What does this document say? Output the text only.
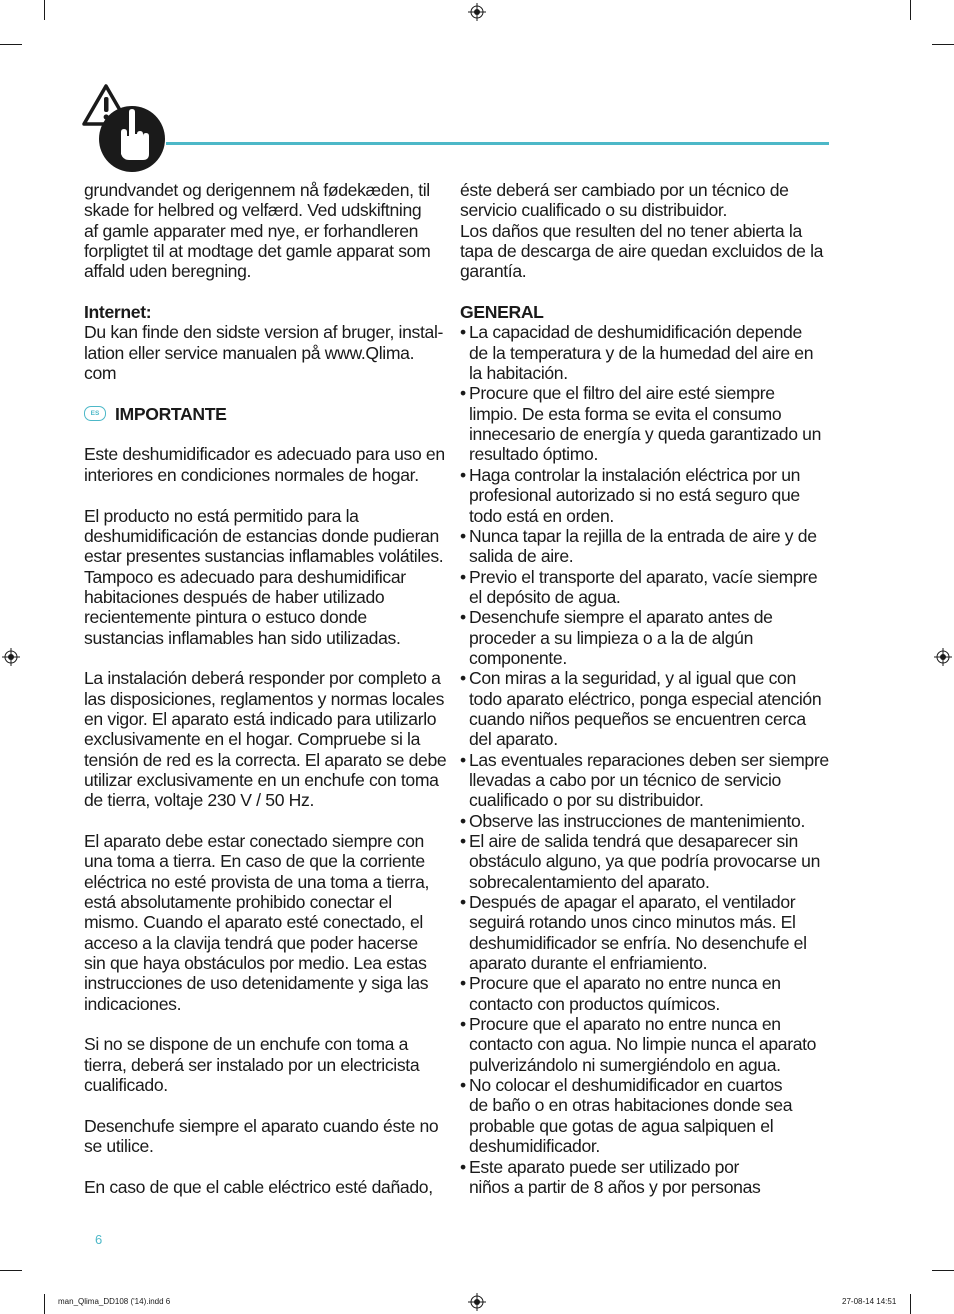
grundvandet og derigennem nå fødekæden, til
skade for helbred og velfærd. Ved udskiftning
af gamle apparater med nye, er forhandleren
forpligtet til at modtage det gamle apparat som
affald uden beregning.

Internet:

Du kan finde den sidste version af bruger, instal-
lation eller service manualen på www.Qlima.
com

ES IMPORTANTE

Este deshumidificador es adecuado para uso en
interiores en condiciones normales de hogar.

El producto no está permitido para la
deshumidificación de estancias donde pudieran
estar presentes sustancias inflamables volátiles.
Tampoco es adecuado para deshumidificar
habitaciones después de haber utilizado
recientemente pintura o estuco donde
sustancias inflamables han sido utilizadas.

La instalación deberá responder por completo a
las disposiciones, reglamentos y normas locales
en vigor. El aparato está indicado para utilizarlo
exclusivamente en el hogar. Compruebe si la
tensión de red es la correcta. El aparato se debe
utilizar exclusivamente en un enchufe con toma
de tierra, voltaje 230 V / 50 Hz.

El aparato debe estar conectado siempre con
una toma a tierra. En caso de que la corriente
eléctrica no esté provista de una toma a tierra,
está absolutamente prohibido conectar el
mismo. Cuando el aparato esté conectado, el
acceso a la clavija tendrá que poder hacerse
sin que haya obstáculos por medio. Lea estas
instrucciones de uso detenidamente y siga las
indicaciones.

Si no se dispone de un enchufe con toma a
tierra, deberá ser instalado por un electricista
cualificado.

Desenchufe siempre el aparato cuando éste no
se utilice.

En caso de que el cable eléctrico esté dañado,

éste deberá ser cambiado por un técnico de
servicio cualificado o su distribuidor.
Los daños que resulten del no tener abierta la
tapa de descarga de aire quedan excluidos de la
garantía.

GENERAL

• La capacidad de deshumidificación depende
de la temperatura y de la humedad del aire en
la habitación.
• Procure que el filtro del aire esté siempre
limpio. De esta forma se evita el consumo
innecesario de energía y queda garantizado un
resultado óptimo.
• Haga controlar la instalación eléctrica por un
profesional autorizado si no está seguro que
todo está en orden.
• Nunca tapar la rejilla de la entrada de aire y de
salida de aire.
• Previo el transporte del aparato, vacíe siempre
el depósito de agua.
• Desenchufe siempre el aparato antes de
proceder a su limpieza o a la de algún
componente.
• Con miras a la seguridad, y al igual que con
todo aparato eléctrico, ponga especial atención
cuando niños pequeños se encuentren cerca
del aparato.
• Las eventuales reparaciones deben ser siempre
llevadas a cabo por un técnico de servicio
cualificado o por su distribuidor.
• Observe las instrucciones de mantenimiento.
• El aire de salida tendrá que desaparecer sin
obstáculo alguno, ya que podría provocarse un
sobrecalentamiento del aparato.
• Después de apagar el aparato, el ventilador
seguirá rotando unos cinco minutos más. El
deshumidificador se enfría. No desenchufe el
aparato durante el enfriamiento.
• Procure que el aparato no entre nunca en
contacto con productos químicos.
• Procure que el aparato no entre nunca en
contacto con agua. No limpie nunca el aparato
pulverizándolo ni sumergiéndolo en agua.
• No colocar el deshumidificador en cuartos
de baño o en otras habitaciones donde sea
probable que gotas de agua salpiquen el
deshumidificador.
• Este aparato puede ser utilizado por
niños a partir de 8 años y por personas
6
man_Qlima_DD108 ('14).indd 6	27-08-14 14:51
